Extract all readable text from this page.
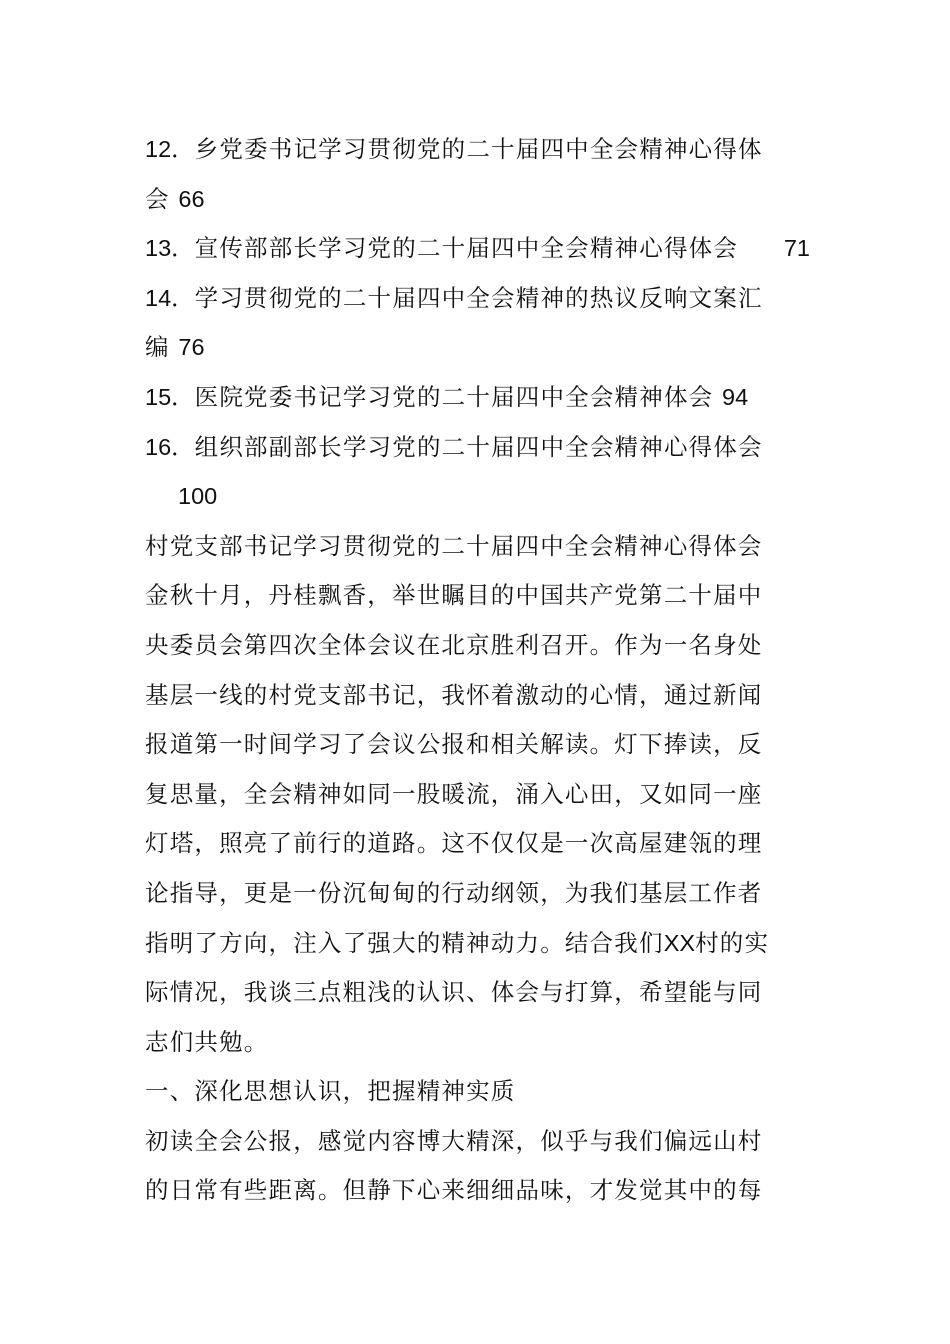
12．乡党委书记学习贯彻党的二十届四中全会精神心得体
会 66
13．宣传部部长学习党的二十届四中全会精神心得体会 71
14．学习贯彻党的二十届四中全会精神的热议反响文案汇
编 76
15．医院党委书记学习党的二十届四中全会精神体会 94
16．组织部副部长学习党的二十届四中全会精神心得体会
100
村党支部书记学习贯彻党的二十届四中全会精神心得体会
金秋十月，丹桂飘香，举世瞩目的中国共产党第二十届中
央委员会第四次全体会议在北京胜利召开。作为一名身处
基层一线的村党支部书记，我怀着激动的心情，通过新闻
报道第一时间学习了会议公报和相关解读。灯下捧读，反
复思量，全会精神如同一股暖流，涌入心田，又如同一座
灯塔，照亮了前行的道路。这不仅仅是一次高屋建瓴的理
论指导，更是一份沉甸甸的行动纲领，为我们基层工作者
指明了方向，注入了强大的精神动力。结合我们XX村的实
际情况，我谈三点粗浅的认识、体会与打算，希望能与同
志们共勉。
一、深化思想认识，把握精神实质
初读全会公报，感觉内容博大精深，似乎与我们偏远山村
的日常有些距离。但静下心来细细品味，才发觉其中的每
